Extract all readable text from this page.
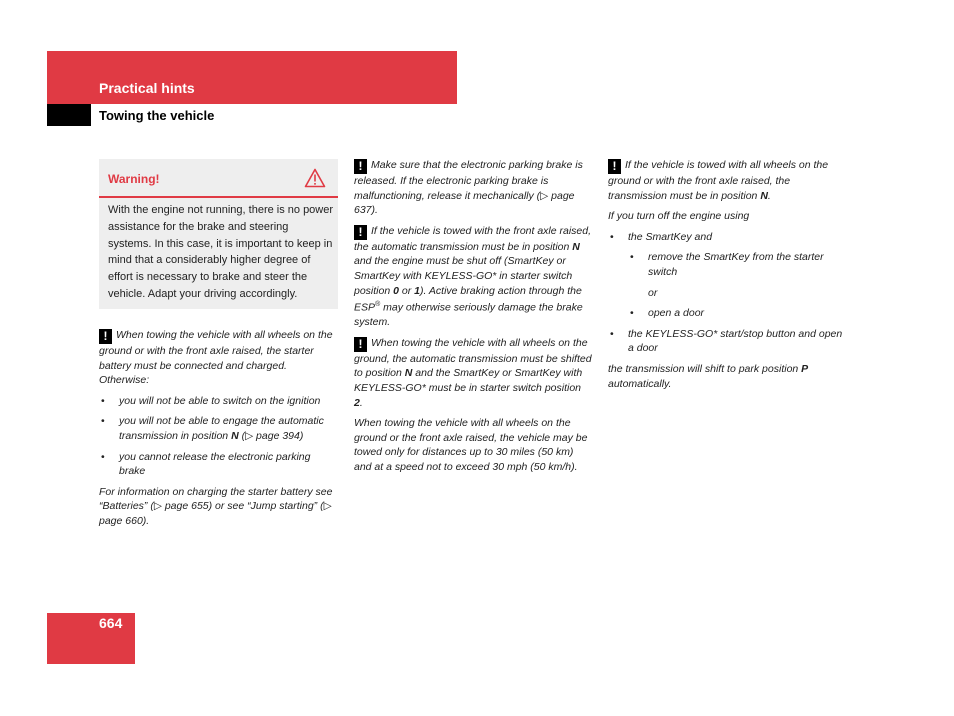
Practical hints
Towing the vehicle
Warning!
With the engine not running, there is no power assistance for the brake and steering systems. In this case, it is important to keep in mind that a considerably higher degree of effort is necessary to brake and steer the vehicle. Adapt your driving accordingly.
! When towing the vehicle with all wheels on the ground or with the front axle raised, the starter battery must be connected and charged. Otherwise:
• you will not be able to switch on the ignition
• you will not be able to engage the automatic transmission in position N (▷ page 394)
• you cannot release the electronic parking brake
For information on charging the starter battery see “Batteries” (▷ page 655) or see “Jump starting” (▷ page 660).
! Make sure that the electronic parking brake is released. If the electronic parking brake is malfunctioning, release it mechanically (▷ page 637).
! If the vehicle is towed with the front axle raised, the automatic transmission must be in position N and the engine must be shut off (SmartKey or SmartKey with KEYLESS-GO* in starter switch position 0 or 1). Active braking action through the ESP® may otherwise seriously damage the brake system.
! When towing the vehicle with all wheels on the ground, the automatic transmission must be shifted to position N and the SmartKey or SmartKey with KEYLESS-GO* must be in starter switch position 2.
When towing the vehicle with all wheels on the ground or the front axle raised, the vehicle may be towed only for distances up to 30 miles (50 km) and at a speed not to exceed 30 mph (50 km/h).
! If the vehicle is towed with all wheels on the ground or with the front axle raised, the transmission must be in position N.
If you turn off the engine using
• the SmartKey and
• remove the SmartKey from the starter switch
or
• open a door
• the KEYLESS-GO* start/stop button and open a door
the transmission will shift to park position P automatically.
664
